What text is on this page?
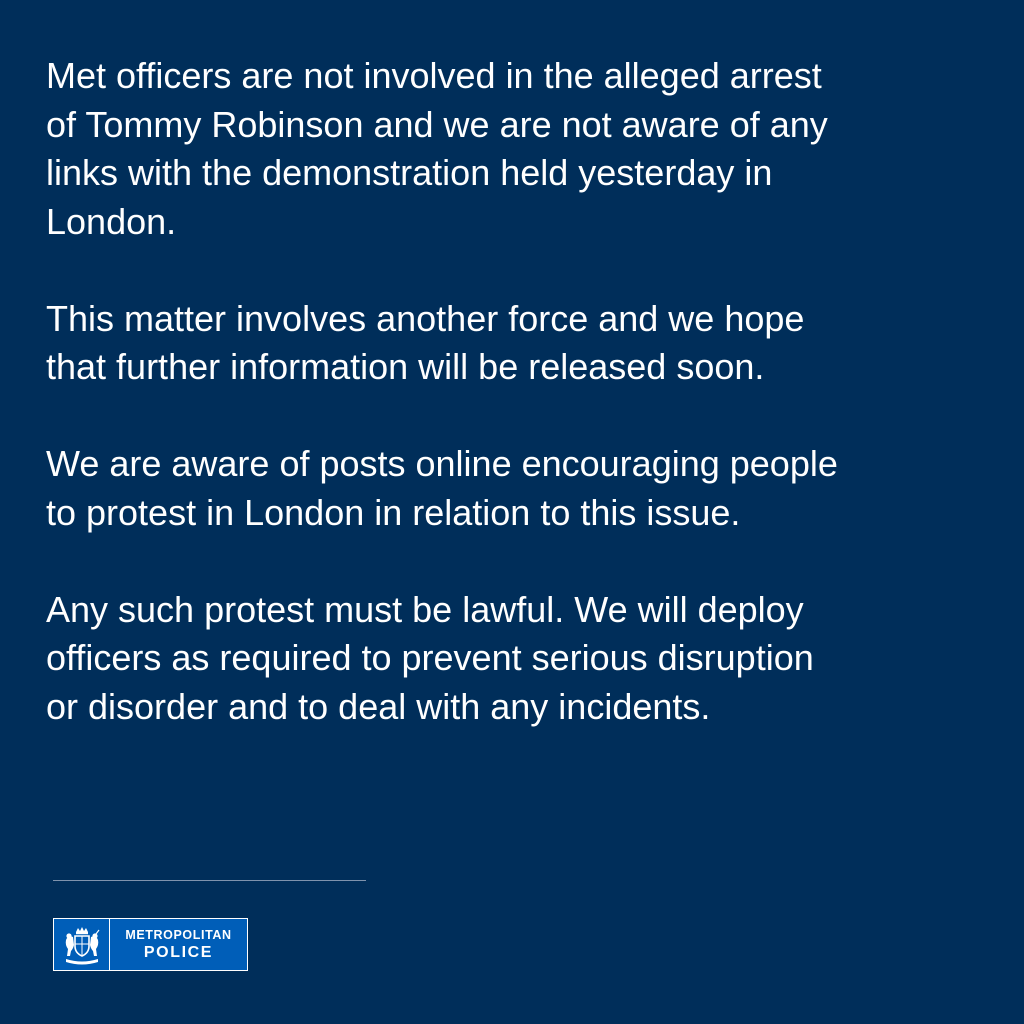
Met officers are not involved in the alleged arrest
of Tommy Robinson and we are not aware of any
links with the demonstration held yesterday in
London.

This matter involves another force and we hope
that further information will be released soon.

We are aware of posts online encouraging people
to protest in London in relation to this issue.

Any such protest must be lawful. We will deploy
officers as required to prevent serious disruption
or disorder and to deal with any incidents.

METROPOLITAN
POLICE
